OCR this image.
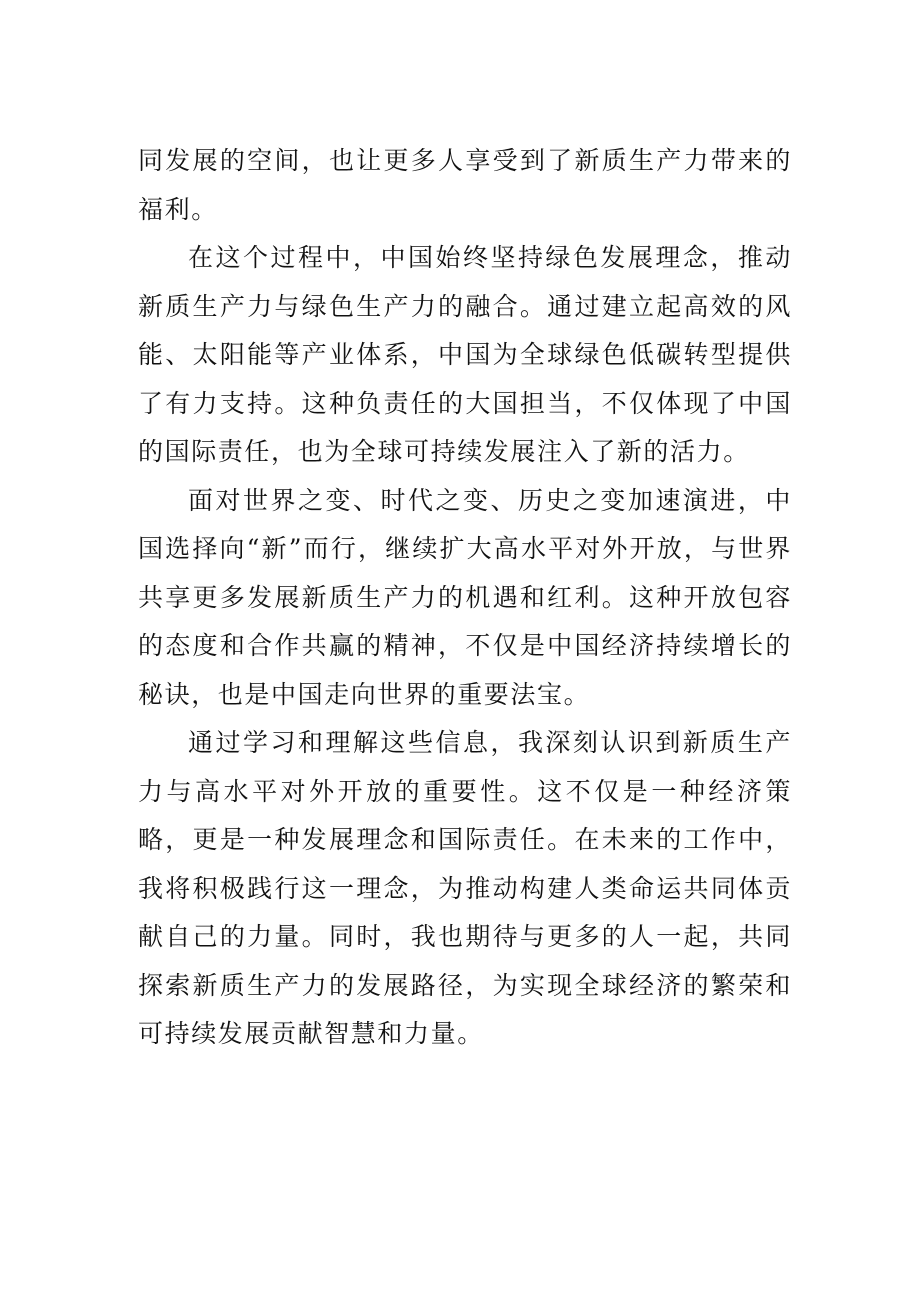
同发展的空间，也让更多人享受到了新质生产力带来的福利。

在这个过程中，中国始终坚持绿色发展理念，推动新质生产力与绿色生产力的融合。通过建立起高效的风能、太阳能等产业体系，中国为全球绿色低碳转型提供了有力支持。这种负责任的大国担当，不仅体现了中国的国际责任，也为全球可持续发展注入了新的活力。

面对世界之变、时代之变、历史之变加速演进，中国选择向“新”而行，继续扩大高水平对外开放，与世界共享更多发展新质生产力的机遇和红利。这种开放包容的态度和合作共赢的精神，不仅是中国经济持续增长的秘诀，也是中国走向世界的重要法宝。

通过学习和理解这些信息，我深刻认识到新质生产力与高水平对外开放的重要性。这不仅是一种经济策略，更是一种发展理念和国际责任。在未来的工作中，我将积极践行这一理念，为推动构建人类命运共同体贡献自己的力量。同时，我也期待与更多的人一起，共同探索新质生产力的发展路径，为实现全球经济的繁荣和可持续发展贡献智慧和力量。
